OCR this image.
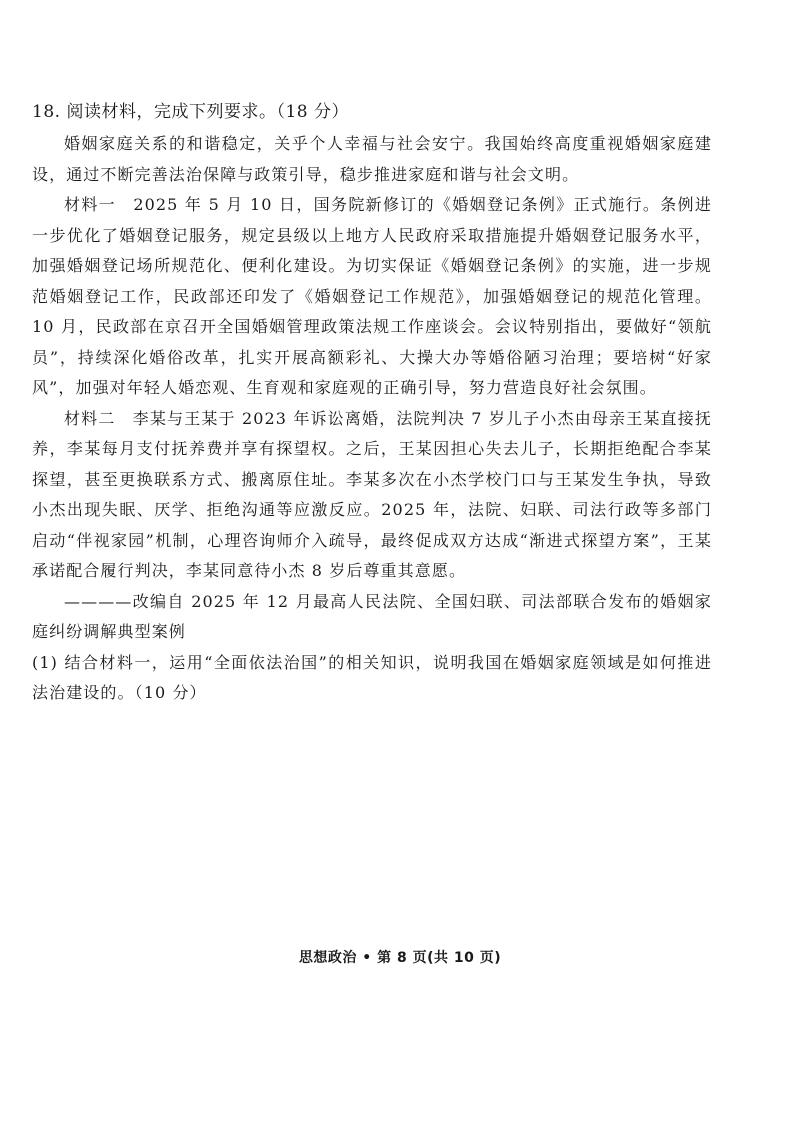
18. 阅读材料，完成下列要求。（18 分）

婚姻家庭关系的和谐稳定，关乎个人幸福与社会安宁。我国始终高度重视婚姻家庭建设，通过不断完善法治保障与政策引导，稳步推进家庭和谐与社会文明。

材料一　2025 年 5 月 10 日，国务院新修订的《婚姻登记条例》正式施行。条例进一步优化了婚姻登记服务，规定县级以上地方人民政府采取措施提升婚姻登记服务水平，加强婚姻登记场所规范化、便利化建设。为切实保证《婚姻登记条例》的实施，进一步规范婚姻登记工作，民政部还印发了《婚姻登记工作规范》，加强婚姻登记的规范化管理。10 月，民政部在京召开全国婚姻管理政策法规工作座谈会。会议特别指出，要做好“领航员”，持续深化婚俗改革，扎实开展高额彩礼、大操大办等婚俗陋习治理；要培树“好家风”，加强对年轻人婚恋观、生育观和家庭观的正确引导，努力营造良好社会氛围。

材料二　李某与王某于 2023 年诉讼离婚，法院判决 7 岁儿子小杰由母亲王某直接抚养，李某每月支付抚养费并享有探望权。之后，王某因担心失去儿子，长期拒绝配合李某探望，甚至更换联系方式、搬离原住址。李某多次在小杰学校门口与王某发生争执，导致小杰出现失眠、厌学、拒绝沟通等应激反应。2025 年，法院、妇联、司法行政等多部门启动“伴视家园”机制，心理咨询师介入疏导，最终促成双方达成“渐进式探望方案”，王某承诺配合履行判决，李某同意待小杰 8 岁后尊重其意愿。

————改编自 2025 年 12 月最高人民法院、全国妇联、司法部联合发布的婚姻家庭纠纷调解典型案例

(1) 结合材料一，运用“全面依法治国”的相关知识，说明我国在婚姻家庭领域是如何推进法治建设的。（10 分）

思想政治 • 第 8 页(共 10 页)
